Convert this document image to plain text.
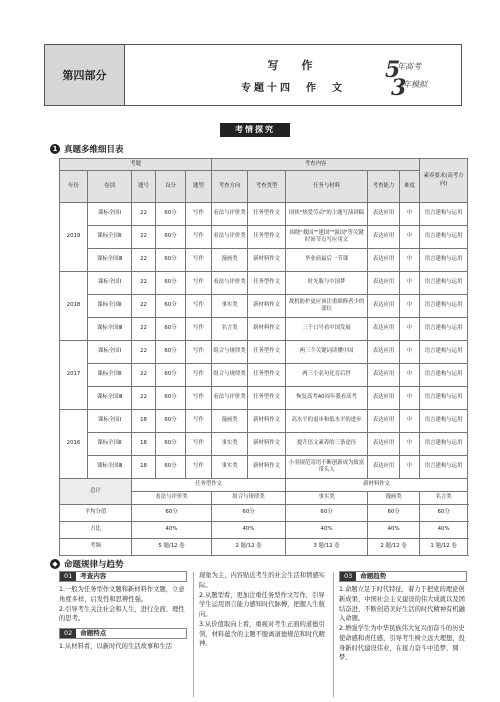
第四部分
写　作
专题十四　作　文
5
年高考
3
年模拟
考情探究
1 真题多维细目表
考题					考查内容					素养要求(高考方向)
年份	卷别	题号	设分	题型	考查方向	考查类型	任务与材料	考查能力	难度	
2019	课标全国Ⅰ	22	60分	写作	看法与评价类	任务型作文	国侠"热爱劳动"的主题写演讲稿	表达应用	中	语言建构与运用
	课标全国Ⅱ	22	60分	写作	看法与评价类	任务型作文	围绕"救国""建国""强国"等关键时间节点写应用文	表达应用	中	语言建构与运用
	课标全国Ⅲ	22	60分	写作	漫画类	新材料作文	毕业前最后一节课	表达应用	中	语言建构与运用
2018	课标全国Ⅰ	22	60分	写作	看法与评价类	任务型作文	时光瓶与中国梦	表达应用	中	语言建构与运用
	课标全国Ⅱ	22	60分	写作	事实类	新材料作文	战机防护更应该注重维修者少的部位	表达应用	中	语言建构与运用
	课标全国Ⅲ	22	60分	写作	名言类	新材料作文	三个口号看中国发展	表达应用	中	语言建构与运用
2017	课标全国Ⅰ	22	60分	写作	组合与规律类	任务型作文	两三个关键词读懂中国	表达应用	中	语言建构与运用
	课标全国Ⅱ	22	60分	写作	组合与规律类	任务型作文	两三个名句化育后世	表达应用	中	语言建构与运用
	课标全国Ⅲ	22	60分	写作	看法与评价类	任务型作文	恢复高考40周年我看高考	表达应用	中	语言建构与运用
2016	课标全国Ⅰ	18	60分	写作	漫画类	新材料作文	高水平的退步和低水平的进步	表达应用	中	语言建构与运用
	课标全国Ⅱ	18	60分	写作	事实类	新材料作文	提升语文素养的三条途径	表达应用	中	语言建构与运用
	课标全国Ⅲ	18	60分	写作	事实类	新材料作文	小羽规范寄语不断创新成为致富带头人	表达应用	中	语言建构与运用
总计		任务型作文					新材料作文			
		看法与评价类			组合与规律类		事实类	漫画类		名言类
平均分值		60分			60分		60分	60分		60分
占比		40%			40%		40%	40%		40%
考频		5 题/12 卷			2 题/12 卷		3 题/12 卷	2 题/12 卷		1 题/12 卷
◆ 命题规律与趋势
01	考查内容

1.一般为任务型作文题和新材料作文题，立意角度多样，启发性和思辨性强。

2.引导考生关注社会和人生，进行全面、理性的思考。

02	命题特点

1.从材料看，以新时代的生活故事和生活

现象为主，内容贴近考生的社会生活和情感实际。

2.从题型看，更加注重任务型作文写作，引导学生运用语言能力感知时代脉搏，把握人生航向。

3.从价值取向上看，重视对考生正面的道德引领，材料蕴含的主题不脱离道德规范和时代精神。

03	命题趋势

1.命题立足于时代特征，着力于把党的理论创新成果、中国社会主义建设的伟大成就以及团结奋进、不断创造美好生活的时代精神有机融入命题。

2.增强学生为中华民族伟大复兴而奋斗的历史使命感和责任感，引导考生树立远大理想，投身新时代建设伟业，在接力奋斗中追梦、圆梦。
